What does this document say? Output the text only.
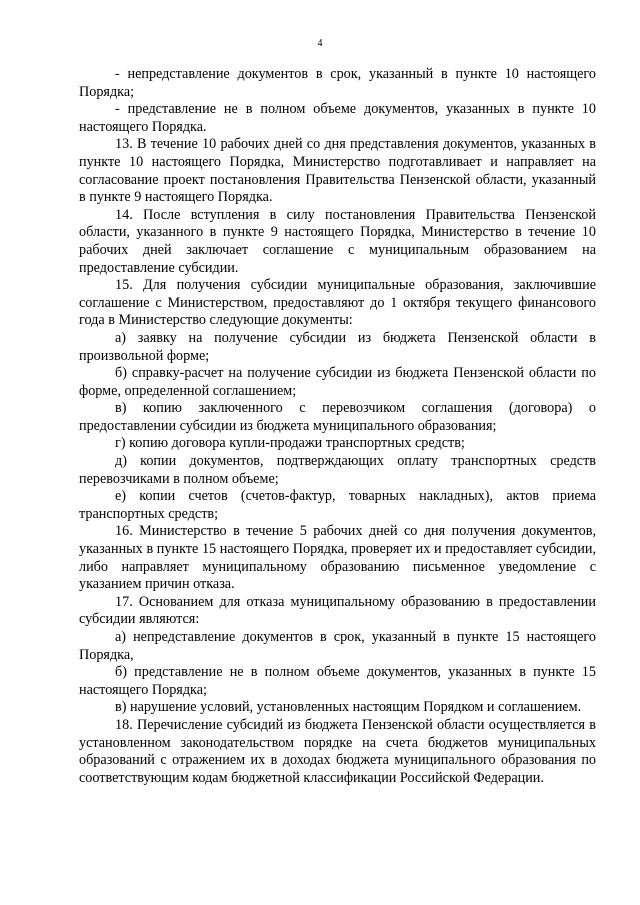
4

- непредставление документов в срок, указанный в пункте 10 настоящего Порядка;

- представление не в полном объеме документов, указанных в пункте 10 настоящего Порядка.

13. В течение 10 рабочих дней со дня представления документов, указанных в пункте 10 настоящего Порядка, Министерство подготавливает и направляет на согласование проект постановления Правительства Пензенской области, указанный в пункте 9 настоящего Порядка.

14. После вступления в силу постановления Правительства Пензенской области, указанного в пункте 9 настоящего Порядка, Министерство в течение 10 рабочих дней заключает соглашение с муниципальным образованием на предоставление субсидии.

15. Для получения субсидии муниципальные образования, заключившие соглашение с Министерством, предоставляют до 1 октября текущего финансового года в Министерство следующие документы:

а) заявку на получение субсидии из бюджета Пензенской области в произвольной форме;

б) справку-расчет на получение субсидии из бюджета Пензенской области по форме, определенной соглашением;

в) копию заключенного с перевозчиком соглашения (договора) о предоставлении субсидии из бюджета муниципального образования;

г) копию договора купли-продажи транспортных средств;

д) копии документов, подтверждающих оплату транспортных средств перевозчиками в полном объеме;

е) копии счетов (счетов-фактур, товарных накладных), актов приема транспортных средств;

16. Министерство в течение 5 рабочих дней со дня получения документов, указанных в пункте 15 настоящего Порядка, проверяет их и предоставляет субсидии, либо направляет муниципальному образованию письменное уведомление с указанием причин отказа.

17. Основанием для отказа муниципальному образованию в предоставлении субсидии являются:

а) непредставление документов в срок, указанный в пункте 15 настоящего Порядка,

б) представление не в полном объеме документов, указанных в пункте 15 настоящего Порядка;

в) нарушение условий, установленных настоящим Порядком и соглашением.

18. Перечисление субсидий из бюджета Пензенской области осуществляется в установленном законодательством порядке на счета бюджетов муниципальных образований с отражением их в доходах бюджета муниципального образования по соответствующим кодам бюджетной классификации Российской Федерации.
